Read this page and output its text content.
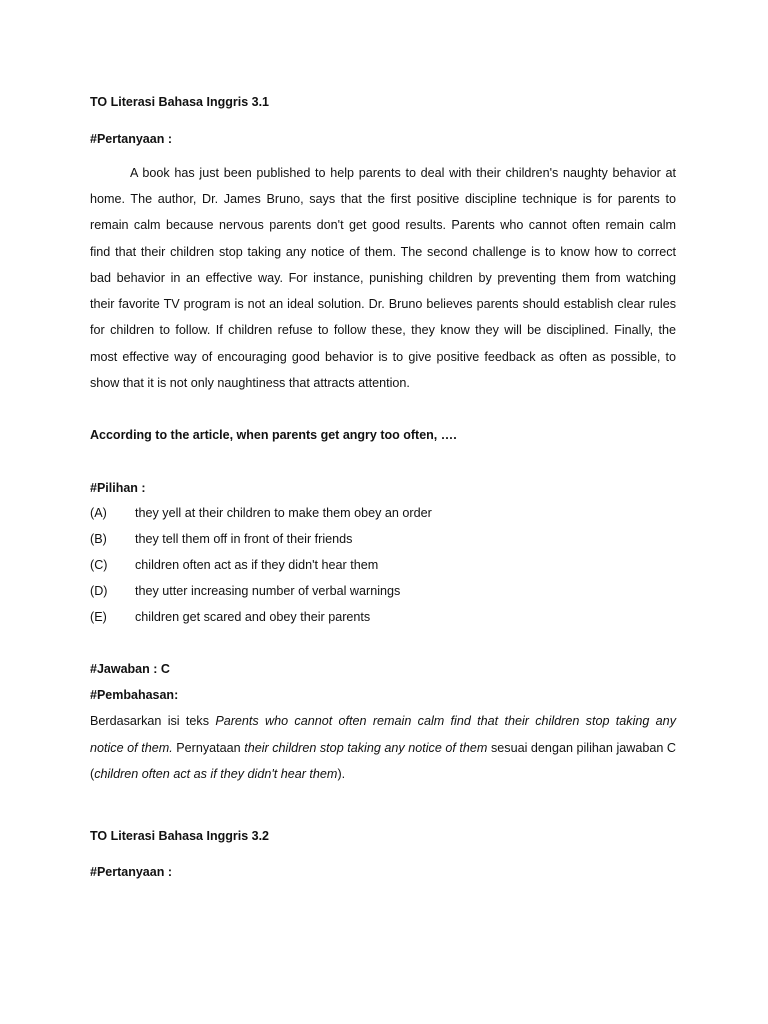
TO Literasi Bahasa Inggris 3.1
#Pertanyaan :
A book has just been published to help parents to deal with their children's naughty behavior at
home. The author, Dr. James Bruno, says that the first positive discipline technique is for parents to
remain calm because nervous parents don't get good results. Parents who cannot often remain calm
find that their children stop taking any notice of them. The second challenge is to know how to correct
bad behavior in an effective way. For instance, punishing children by preventing them from watching
their favorite TV program is not an ideal solution. Dr. Bruno believes parents should establish clear rules
for children to follow. If children refuse to follow these, they know they will be disciplined. Finally, the
most effective way of encouraging good behavior is to give positive feedback as often as possible, to
show that it is not only naughtiness that attracts attention.
According to the article, when parents get angry too often, ….
#Pilihan :
(A) they yell at their children to make them obey an order
(B) they tell them off in front of their friends
(C) children often act as if they didn't hear them
(D) they utter increasing number of verbal warnings
(E) children get scared and obey their parents
#Jawaban : C
#Pembahasan:
Berdasarkan isi teks Parents who cannot often remain calm find that their children stop taking any
notice of them. Pernyataan their children stop taking any notice of them sesuai dengan pilihan jawaban C
(children often act as if they didn't hear them).
TO Literasi Bahasa Inggris 3.2
#Pertanyaan :
